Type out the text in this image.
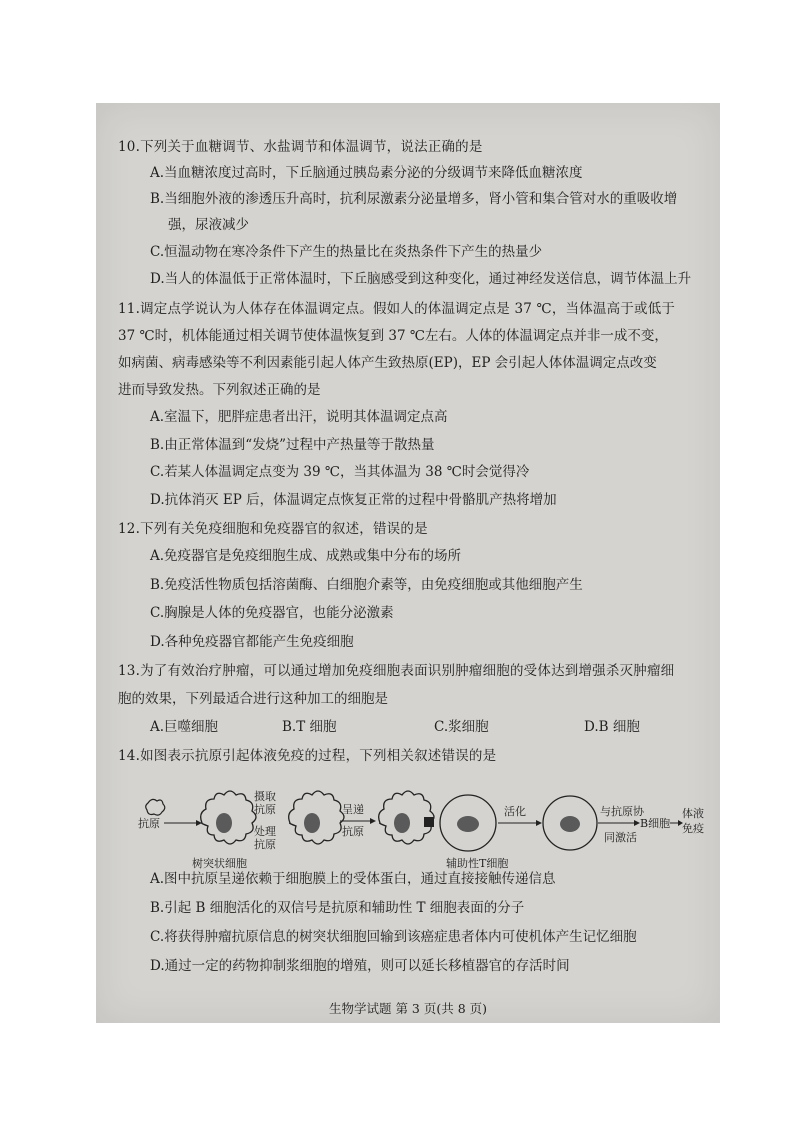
10.下列关于血糖调节、水盐调节和体温调节，说法正确的是
A.当血糖浓度过高时，下丘脑通过胰岛素分泌的分级调节来降低血糖浓度
B.当细胞外液的渗透压升高时，抗利尿激素分泌量增多，肾小管和集合管对水的重吸收增
强，尿液减少
C.恒温动物在寒冷条件下产生的热量比在炎热条件下产生的热量少
D.当人的体温低于正常体温时，下丘脑感受到这种变化，通过神经发送信息，调节体温上升
11.调定点学说认为人体存在体温调定点。假如人的体温调定点是 37 ℃，当体温高于或低于
37 ℃时，机体能通过相关调节使体温恢复到 37 ℃左右。人体的体温调定点并非一成不变，
如病菌、病毒感染等不利因素能引起人体产生致热原(EP)，EP 会引起人体体温调定点改变
进而导致发热。下列叙述正确的是
A.室温下，肥胖症患者出汗，说明其体温调定点高
B.由正常体温到“发烧”过程中产热量等于散热量
C.若某人体温调定点变为 39 ℃，当其体温为 38 ℃时会觉得冷
D.抗体消灭 EP 后，体温调定点恢复正常的过程中骨骼肌产热将增加
12.下列有关免疫细胞和免疫器官的叙述，错误的是
A.免疫器官是免疫细胞生成、成熟或集中分布的场所
B.免疫活性物质包括溶菌酶、白细胞介素等，由免疫细胞或其他细胞产生
C.胸腺是人体的免疫器官，也能分泌激素
D.各种免疫器官都能产生免疫细胞
13.为了有效治疗肿瘤，可以通过增加免疫细胞表面识别肿瘤细胞的受体达到增强杀灭肿瘤细
胞的效果，下列最适合进行这种加工的细胞是
A.巨噬细胞	B.T 细胞	C.浆细胞	D.B 细胞
14.如图表示抗原引起体液免疫的过程，下列相关叙述错误的是
抗原
摄取
抗原
处理
抗原
树突状细胞
呈递
抗原
辅助性T细胞
活化	与抗原协
同激活
B细胞
体液
免疫
A.图中抗原呈递依赖于细胞膜上的受体蛋白，通过直接接触传递信息
B.引起 B 细胞活化的双信号是抗原和辅助性 T 细胞表面的分子
C.将获得肿瘤抗原信息的树突状细胞回输到该癌症患者体内可使机体产生记忆细胞
D.通过一定的药物抑制浆细胞的增殖，则可以延长移植器官的存活时间
生物学试题 第 3 页(共 8 页)
